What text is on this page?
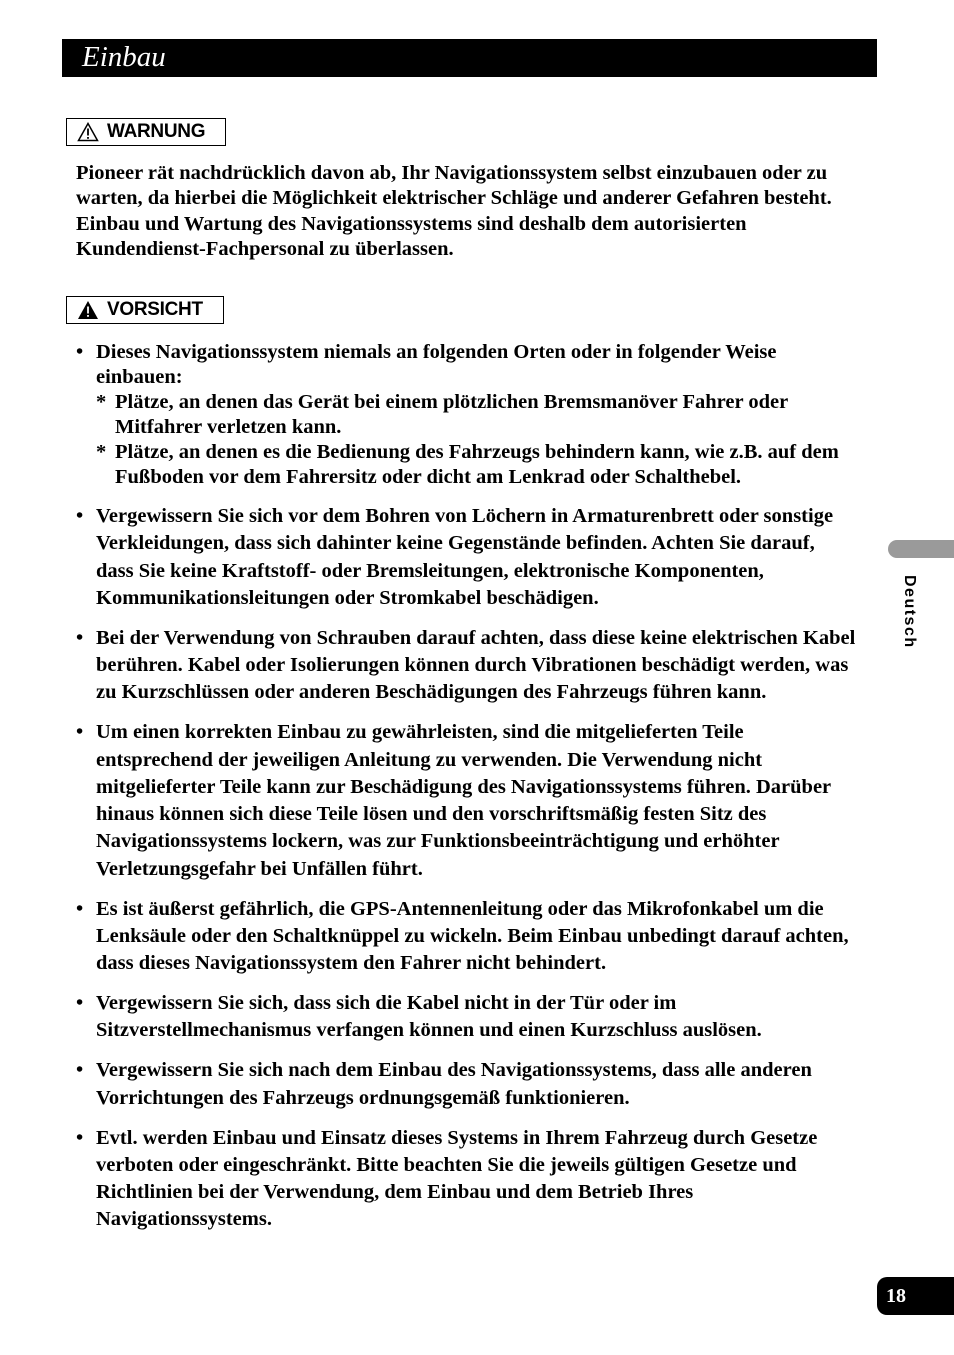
Einbau
WARNUNG

Pioneer rät nachdrücklich davon ab, Ihr Navigationssystem selbst einzubauen oder zu warten, da hierbei die Möglichkeit elektrischer Schläge und anderer Gefahren besteht. Einbau und Wartung des Navigationssystems sind deshalb dem autorisierten Kundendienst-Fachpersonal zu überlassen.

VORSICHT
• Dieses Navigationssystem niemals an folgenden Orten oder in folgender Weise einbauen:
* Plätze, an denen das Gerät bei einem plötzlichen Bremsmanöver Fahrer oder Mitfahrer verletzen kann.
* Plätze, an denen es die Bedienung des Fahrzeugs behindern kann, wie z.B. auf dem Fußboden vor dem Fahrersitz oder dicht am Lenkrad oder Schalthebel.
• Vergewissern Sie sich vor dem Bohren von Löchern in Armaturenbrett oder sonstige Verkleidungen, dass sich dahinter keine Gegenstände befinden. Achten Sie darauf, dass Sie keine Kraftstoff- oder Bremsleitungen, elektronische Komponenten, Kommunikationsleitungen oder Stromkabel beschädigen.
• Bei der Verwendung von Schrauben darauf achten, dass diese keine elektrischen Kabel berühren. Kabel oder Isolierungen können durch Vibrationen beschädigt werden, was zu Kurzschlüssen oder anderen Beschädigungen des Fahrzeugs führen kann.
• Um einen korrekten Einbau zu gewährleisten, sind die mitgelieferten Teile entsprechend der jeweiligen Anleitung zu verwenden. Die Verwendung nicht mitgelieferter Teile kann zur Beschädigung des Navigationssystems führen. Darüber hinaus können sich diese Teile lösen und den vorschriftsmäßig festen Sitz des Navigationssystems lockern, was zur Funktionsbeeinträchtigung und erhöhter Verletzungsgefahr bei Unfällen führt.
• Es ist äußerst gefährlich, die GPS-Antennenleitung oder das Mikrofonkabel um die Lenksäule oder den Schaltknüppel zu wickeln. Beim Einbau unbedingt darauf achten, dass dieses Navigationssystem den Fahrer nicht behindert.
• Vergewissern Sie sich, dass sich die Kabel nicht in der Tür oder im Sitzverstellmechanismus verfangen können und einen Kurzschluss auslösen.
• Vergewissern Sie sich nach dem Einbau des Navigationssystems, dass alle anderen Vorrichtungen des Fahrzeugs ordnungsgemäß funktionieren.
• Evtl. werden Einbau und Einsatz dieses Systems in Ihrem Fahrzeug durch Gesetze verboten oder eingeschränkt. Bitte beachten Sie die jeweils gültigen Gesetze und Richtlinien bei der Verwendung, dem Einbau und dem Betrieb Ihres Navigationssystems.
Deutsch
18
